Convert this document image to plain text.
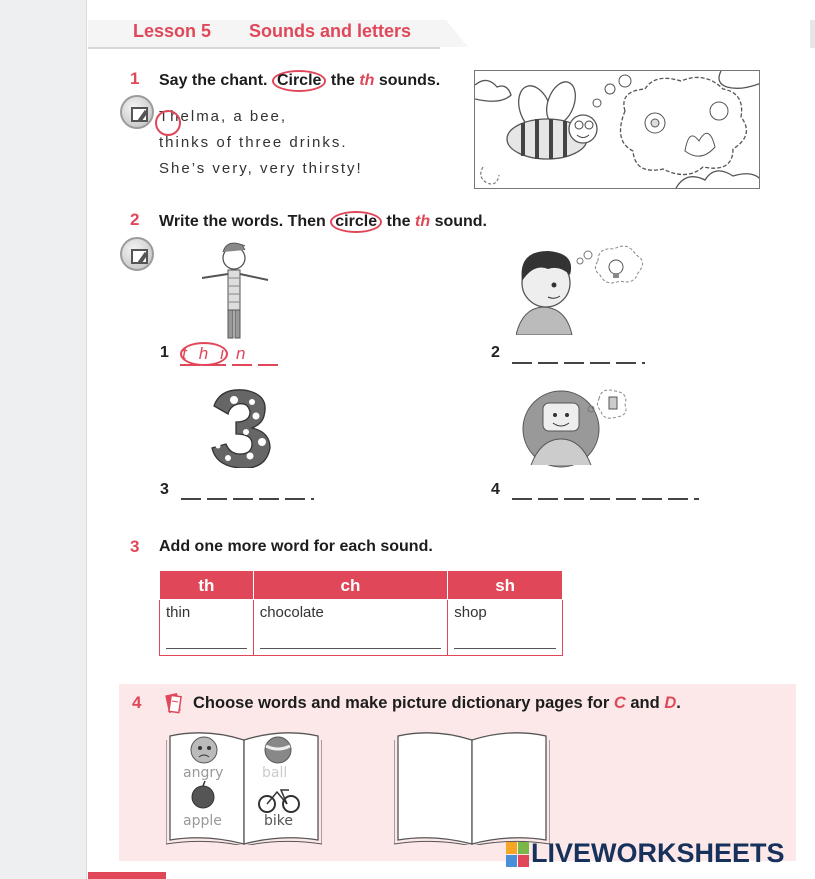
Lesson 5 Sounds and letters
1 Say the chant. Circle the th sounds.
Thelma, a bee,
thinks of three drinks.
She’s very, very thirsty!
2 Write the words. Then circle the th sound.
1 thin	2
3	4
3 Add one more word for each sound.
th	ch	sh
thin	chocolate	shop
4	Choose words and make picture dictionary pages for C and D.
angry	ball
apple	bike
LIVEWORKSHEETS
